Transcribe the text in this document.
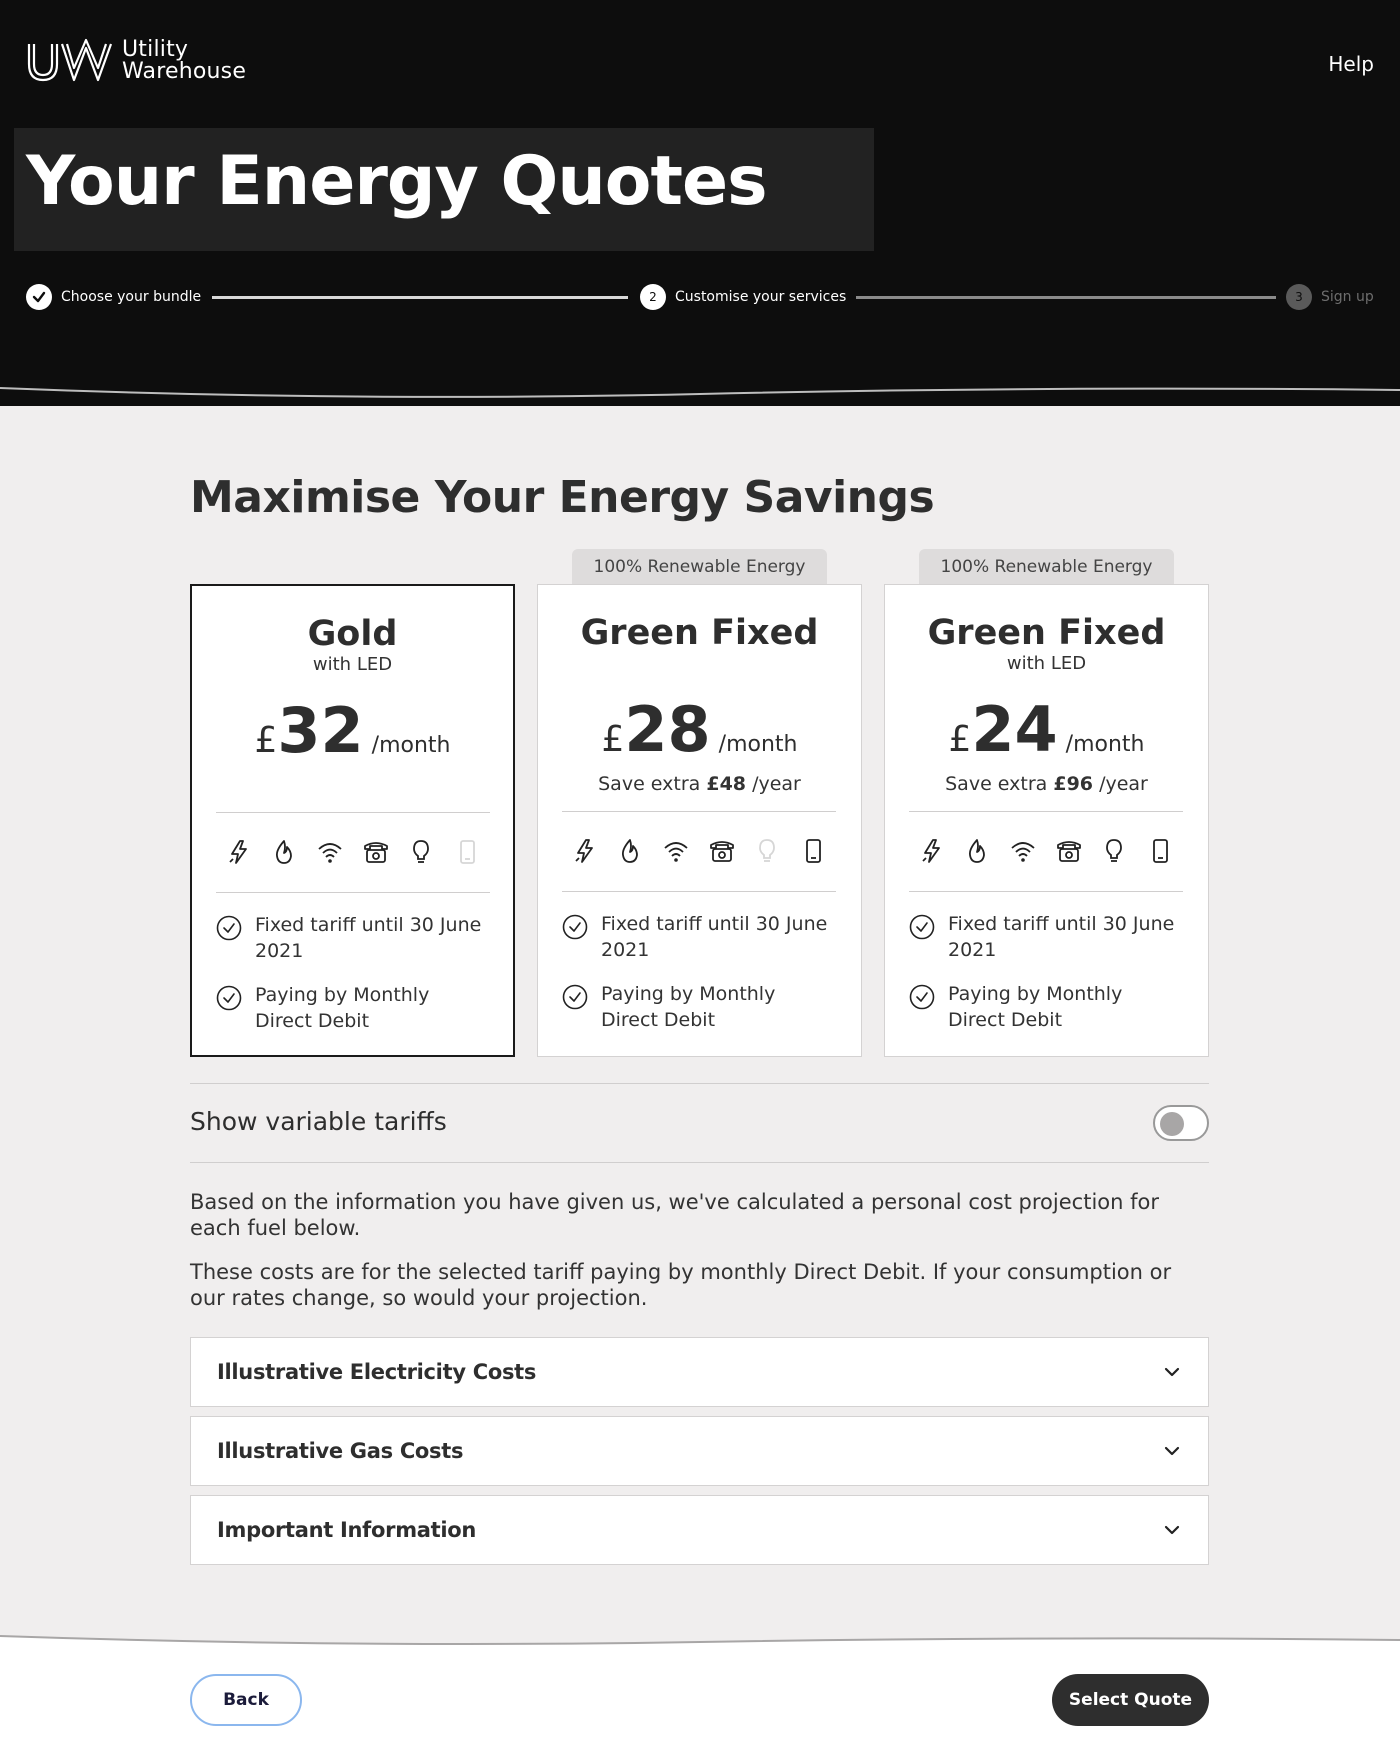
Utility
Warehouse	Help
Your Energy Quotes
Choose your bundle	2	Customise your services	3	Sign up
Maximise Your Energy Savings
100% Renewable Energy	100% Renewable Energy
Gold
with LED
£ 32 /month
Fixed tariff until 30 June 2021
Paying by Monthly Direct Debit
Green Fixed
£ 28 /month
Save extra £48 /year
Fixed tariff until 30 June 2021
Paying by Monthly Direct Debit
Green Fixed
with LED
£ 24 /month
Save extra £96 /year
Fixed tariff until 30 June 2021
Paying by Monthly Direct Debit
Show variable tariffs

Based on the information you have given us, we've calculated a personal cost projection for each fuel below.

These costs are for the selected tariff paying by monthly Direct Debit. If your consumption or our rates change, so would your projection.

Illustrative Electricity Costs
Illustrative Gas Costs
Important Information
Back	Select Quote
